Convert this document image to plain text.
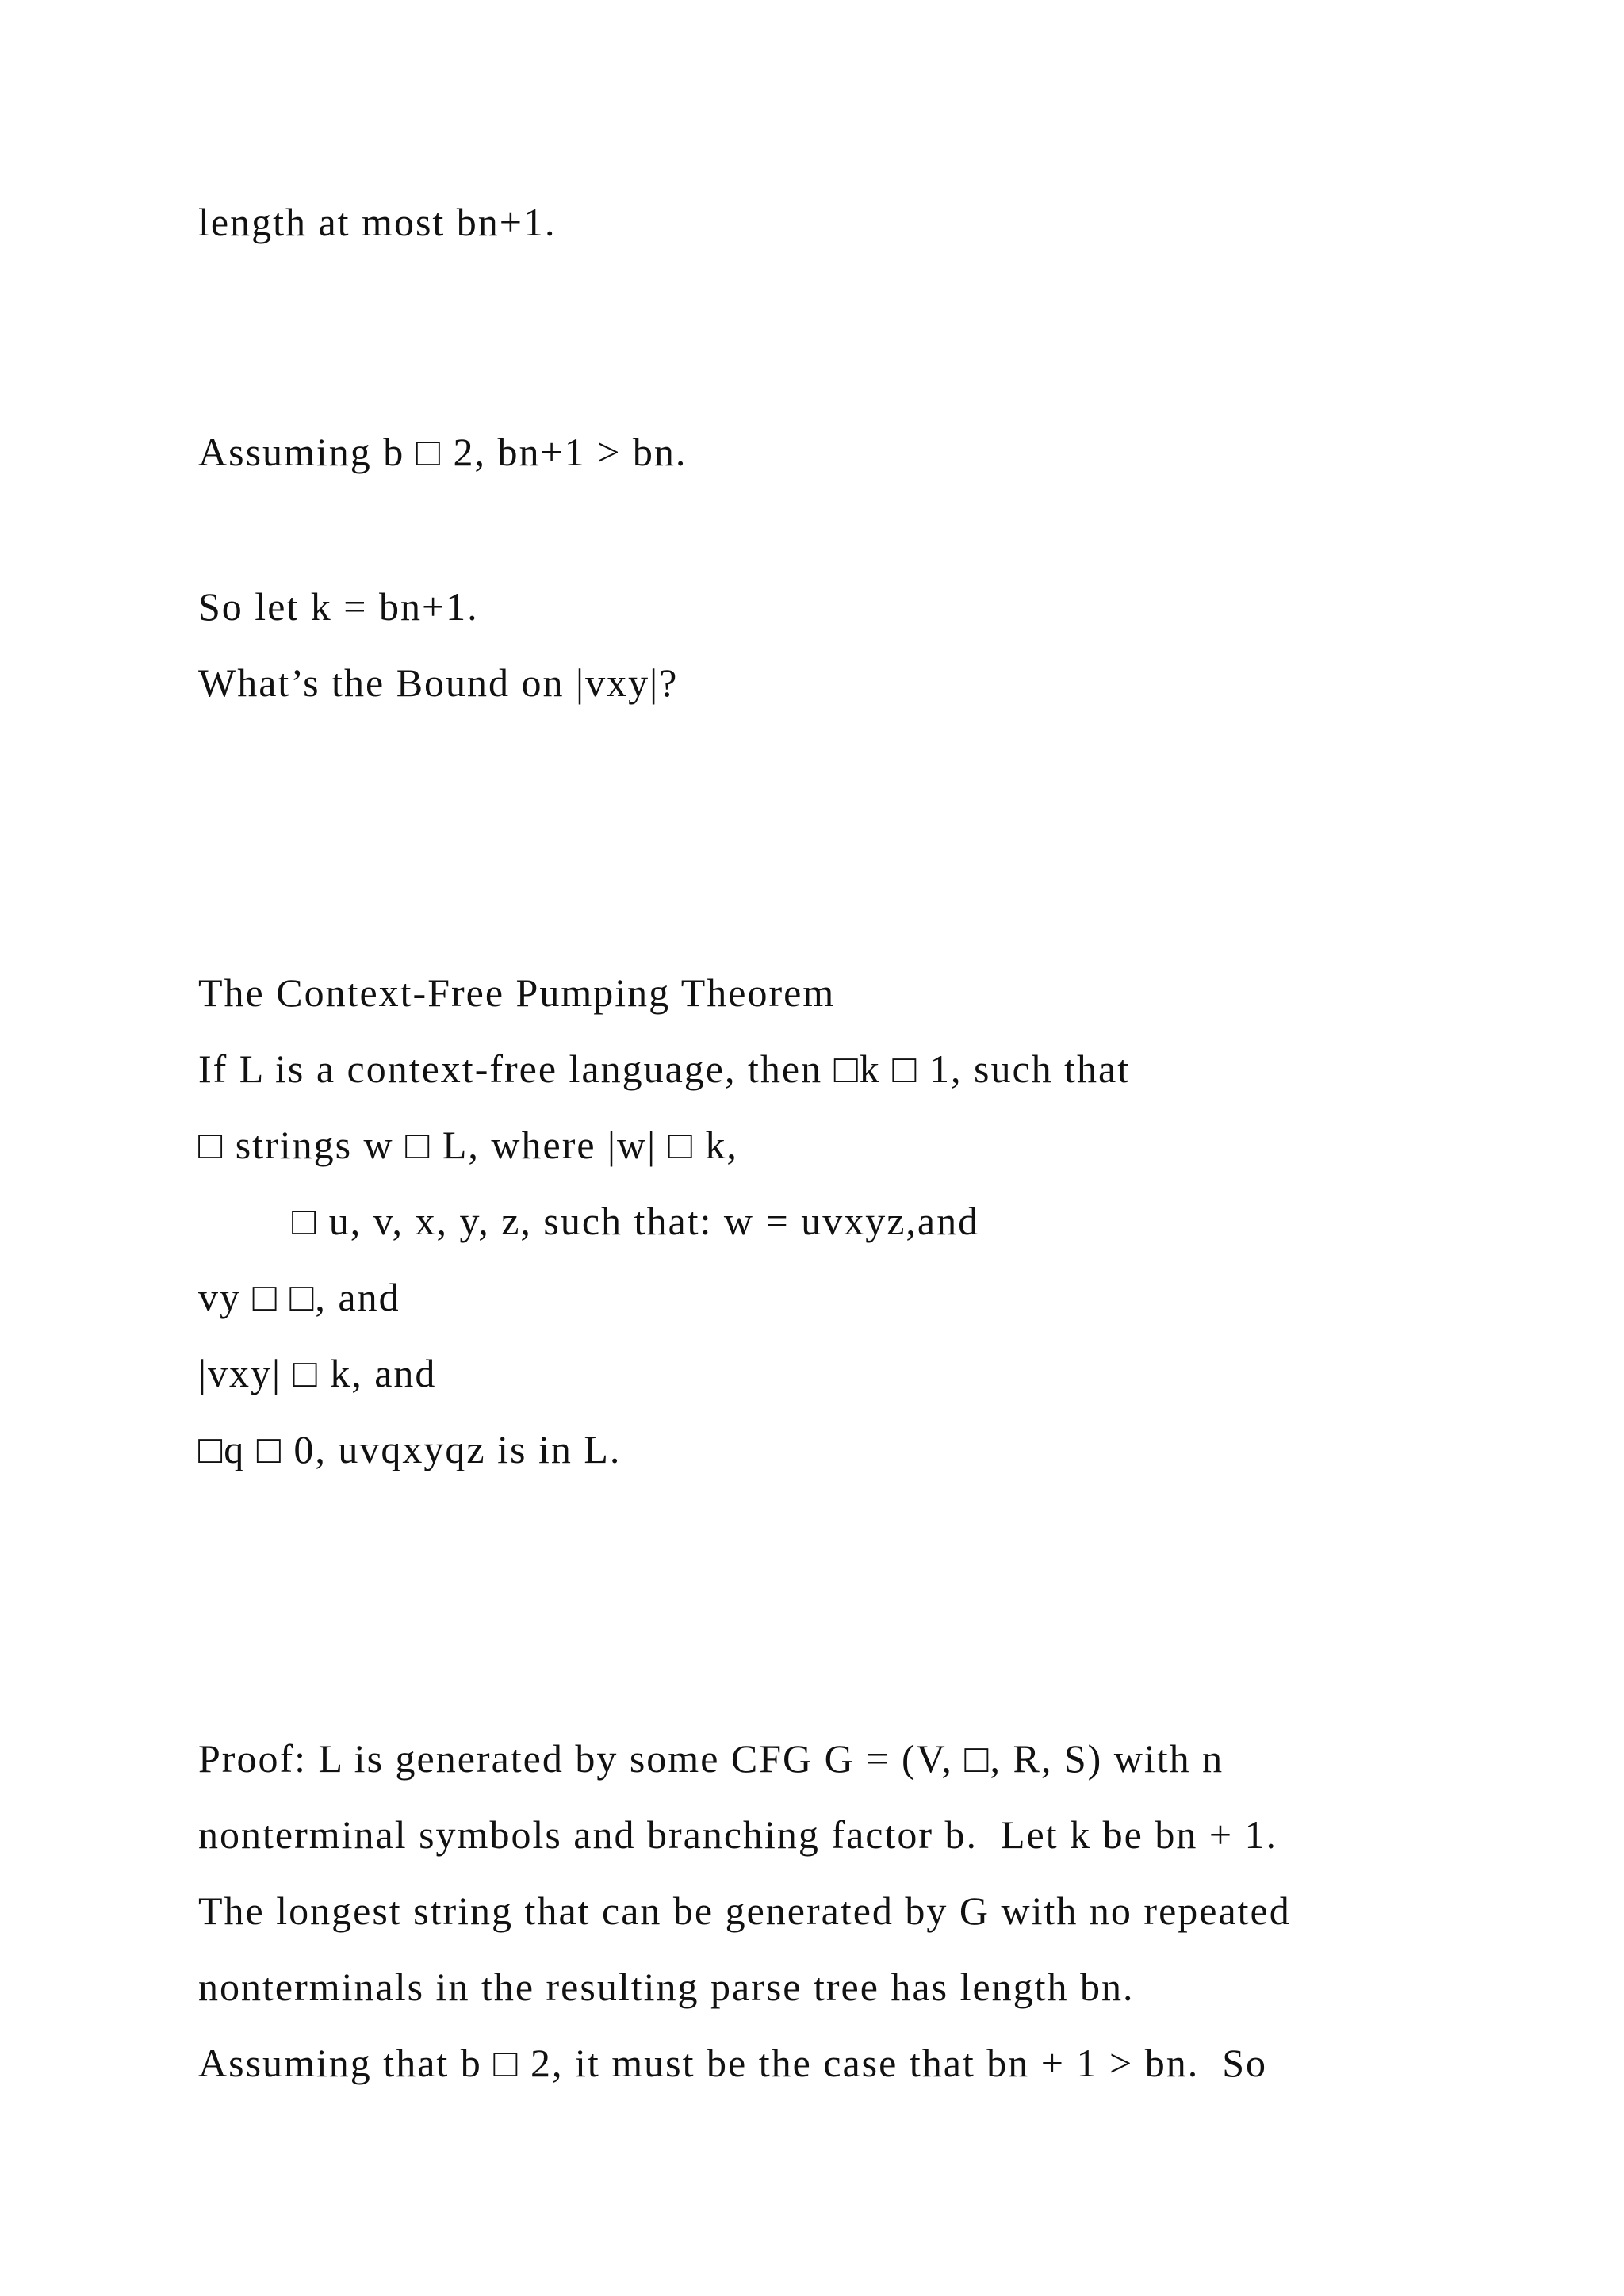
length at most bn+1.
Assuming b □ 2, bn+1 > bn.
So let k = bn+1.
What’s the Bound on |vxy|?
The Context-Free Pumping Theorem
If L is a context-free language, then □k □ 1, such that
□ strings w □ L, where |w| □ k,
□ u, v, x, y, z, such that: w = uvxyz,and
vy □ □, and
|vxy| □ k, and
□q □ 0, uvqxyqz is in L.
Proof: L is generated by some CFG G = (V, □, R, S) with n
nonterminal symbols and branching factor b.  Let k be bn + 1.
The longest string that can be generated by G with no repeated
nonterminals in the resulting parse tree has length bn.
Assuming that b □ 2, it must be the case that bn + 1 > bn.  So
